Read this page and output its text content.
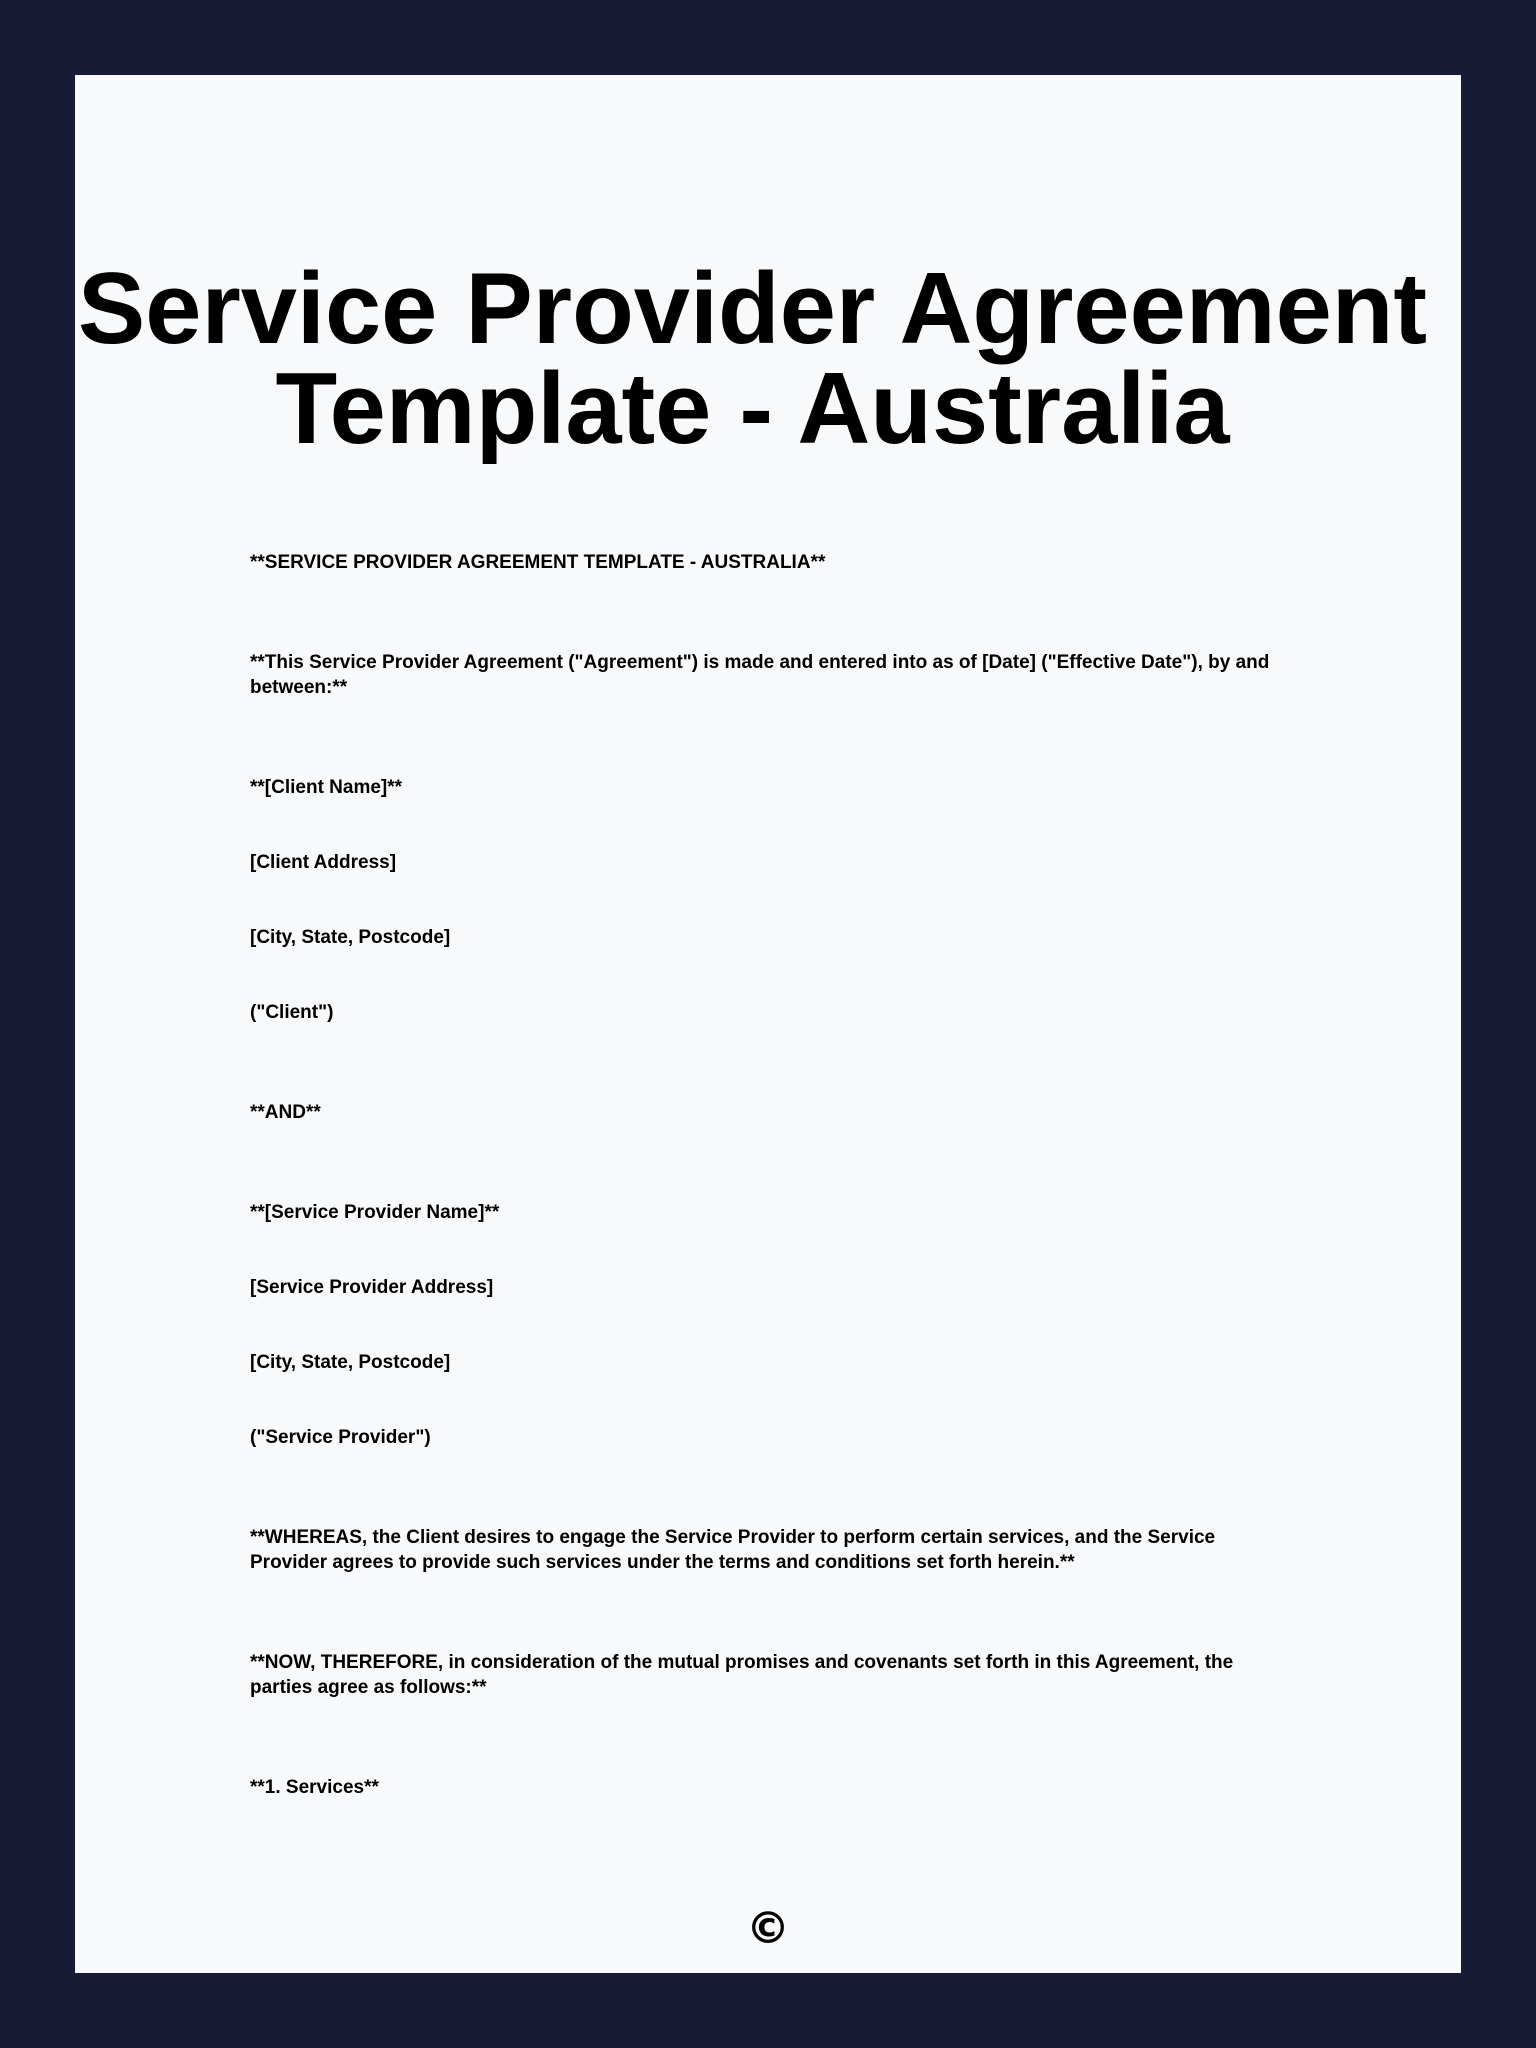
Service Provider Agreement Template - Australia

**SERVICE PROVIDER AGREEMENT TEMPLATE - AUSTRALIA**

**This Service Provider Agreement ("Agreement") is made and entered into as of [Date] ("Effective Date"), by and between:**

**[Client Name]**

[Client Address]

[City, State, Postcode]

("Client")

**AND**

**[Service Provider Name]**

[Service Provider Address]

[City, State, Postcode]

("Service Provider")

**WHEREAS, the Client desires to engage the Service Provider to perform certain services, and the Service Provider agrees to provide such services under the terms and conditions set forth herein.**

**NOW, THEREFORE, in consideration of the mutual promises and covenants set forth in this Agreement, the parties agree as follows:**

**1. Services**

©
